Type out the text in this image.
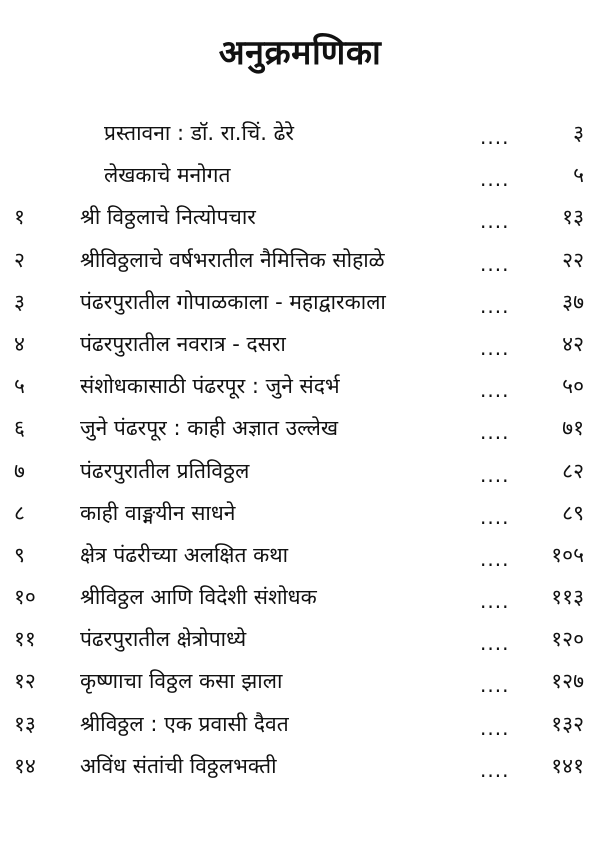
अनुक्रमणिका
प्रस्तावना : डॉ. रा.चिं. ढेरे	....	३
लेखकाचे मनोगत	....	५
१	श्री विठ्ठलाचे नित्योपचार	....	१३
२	श्रीविठ्ठलाचे वर्षभरातील नैमित्तिक सोहाळे	....	२२
३	पंढरपुरातील गोपाळकाला - महाद्वारकाला	....	३७
४	पंढरपुरातील नवरात्र - दसरा	....	४२
५	संशोधकासाठी पंढरपूर : जुने संदर्भ	....	५०
६	जुने पंढरपूर : काही अज्ञात उल्लेख	....	७१
७	पंढरपुरातील प्रतिविठ्ठल	....	८२
८	काही वाङ्मयीन साधने	....	८९
९	क्षेत्र पंढरीच्या अलक्षित कथा	....	१०५
१०	श्रीविठ्ठल आणि विदेशी संशोधक	....	११३
११	पंढरपुरातील क्षेत्रोपाध्ये	....	१२०
१२	कृष्णाचा विठ्ठल कसा झाला	....	१२७
१३	श्रीविठ्ठल : एक प्रवासी दैवत	....	१३२
१४	अविंध संतांची विठ्ठलभक्ती	....	१४१
